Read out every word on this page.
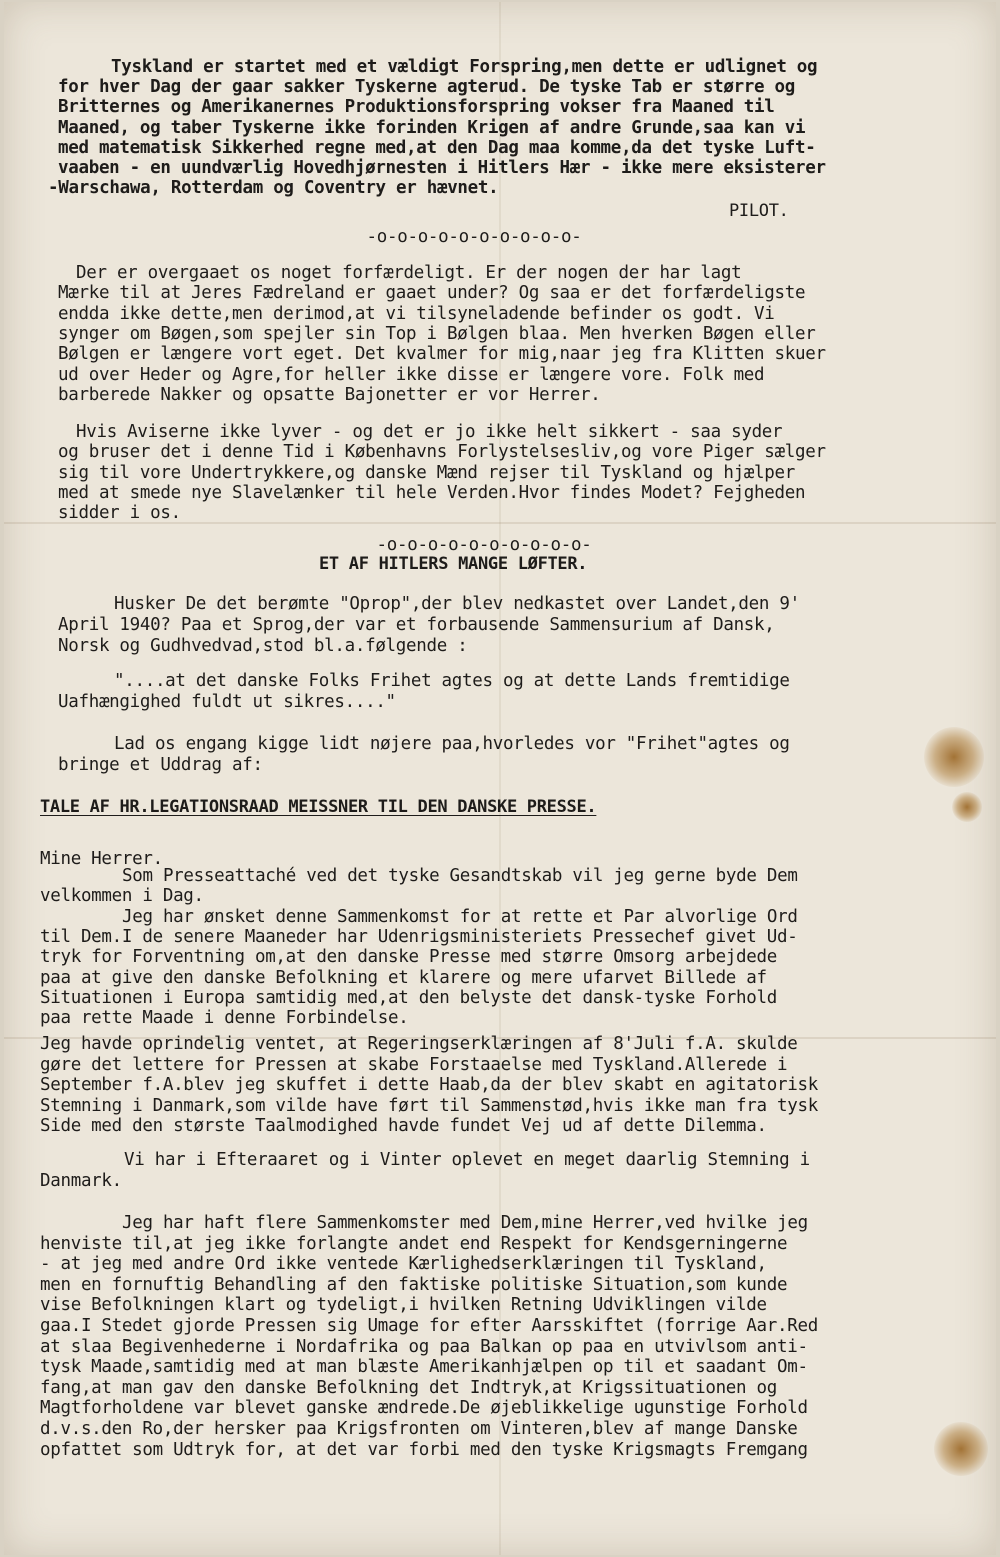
Tyskland er startet med et vældigt Forspring,men dette er udlignet og
for hver Dag der gaar sakker Tyskerne agterud. De tyske Tab er større og
Britternes og Amerikanernes Produktionsforspring vokser fra Maaned til
Maaned, og taber Tyskerne ikke forinden Krigen af andre Grunde,saa kan vi
med matematisk Sikkerhed regne med,at den Dag maa komme,da det tyske Luft-
vaaben - en uundværlig Hovedhjørnesten i Hitlers Hær - ikke mere eksisterer
-Warschawa, Rotterdam og Coventry er hævnet.
PILOT.
-o-o-o-o-o-o-o-o-o-o-
Der er overgaaet os noget forfærdeligt. Er der nogen der har lagt
Mærke til at Jeres Fædreland er gaaet under? Og saa er det forfærdeligste
endda ikke dette,men derimod,at vi tilsyneladende befinder os godt. Vi
synger om Bøgen,som spejler sin Top i Bølgen blaa. Men hverken Bøgen eller
Bølgen er længere vort eget. Det kvalmer for mig,naar jeg fra Klitten skuer
ud over Heder og Agre,for heller ikke disse er længere vore. Folk med
barberede Nakker og opsatte Bajonetter er vor Herrer.
Hvis Aviserne ikke lyver - og det er jo ikke helt sikkert - saa syder
og bruser det i denne Tid i Københavns Forlystelsesliv,og vore Piger sælger
sig til vore Undertrykkere,og danske Mænd rejser til Tyskland og hjælper
med at smede nye Slavelænker til hele Verden.Hvor findes Modet? Fejgheden
sidder i os.
-o-o-o-o-o-o-o-o-o-o-
ET AF HITLERS MANGE LØFTER.
Husker De det berømte "Oprop",der blev nedkastet over Landet,den 9'
April 1940? Paa et Sprog,der var et forbausende Sammensurium af Dansk,
Norsk og Gudhvedvad,stod bl.a.følgende :
"....at det danske Folks Frihet agtes og at dette Lands fremtidige
Uafhængighed fuldt ut sikres...."
Lad os engang kigge lidt nøjere paa,hvorledes vor "Frihet"agtes og
bringe et Uddrag af:
TALE AF HR.LEGATIONSRAAD MEISSNER TIL DEN DANSKE PRESSE.
Mine Herrer.
Som Presseattaché ved det tyske Gesandtskab vil jeg gerne byde Dem
velkommen i Dag.
Jeg har ønsket denne Sammenkomst for at rette et Par alvorlige Ord
til Dem.I de senere Maaneder har Udenrigsministeriets Pressechef givet Ud-
tryk for Forventning om,at den danske Presse med større Omsorg arbejdede
paa at give den danske Befolkning et klarere og mere ufarvet Billede af
Situationen i Europa samtidig med,at den belyste det dansk-tyske Forhold
paa rette Maade i denne Forbindelse.
Jeg havde oprindelig ventet, at Regeringserklæringen af 8'Juli f.A. skulde
gøre det lettere for Pressen at skabe Forstaaelse med Tyskland.Allerede i
September f.A.blev jeg skuffet i dette Haab,da der blev skabt en agitatorisk
Stemning i Danmark,som vilde have ført til Sammenstød,hvis ikke man fra tysk
Side med den største Taalmodighed havde fundet Vej ud af dette Dilemma.
Vi har i Efteraaret og i Vinter oplevet en meget daarlig Stemning i
Danmark.
Jeg har haft flere Sammenkomster med Dem,mine Herrer,ved hvilke jeg
henviste til,at jeg ikke forlangte andet end Respekt for Kendsgerningerne
- at jeg med andre Ord ikke ventede Kærlighedserklæringen til Tyskland,
men en fornuftig Behandling af den faktiske politiske Situation,som kunde
vise Befolkningen klart og tydeligt,i hvilken Retning Udviklingen vilde
gaa.I Stedet gjorde Pressen sig Umage for efter Aarsskiftet (forrige Aar.Red
at slaa Begivenhederne i Nordafrika og paa Balkan op paa en utvivlsom anti-
tysk Maade,samtidig med at man blæste Amerikanhjælpen op til et saadant Om-
fang,at man gav den danske Befolkning det Indtryk,at Krigssituationen og
Magtforholdene var blevet ganske ændrede.De øjeblikkelige ugunstige Forhold
d.v.s.den Ro,der hersker paa Krigsfronten om Vinteren,blev af mange Danske
opfattet som Udtryk for, at det var forbi med den tyske Krigsmagts Fremgang
